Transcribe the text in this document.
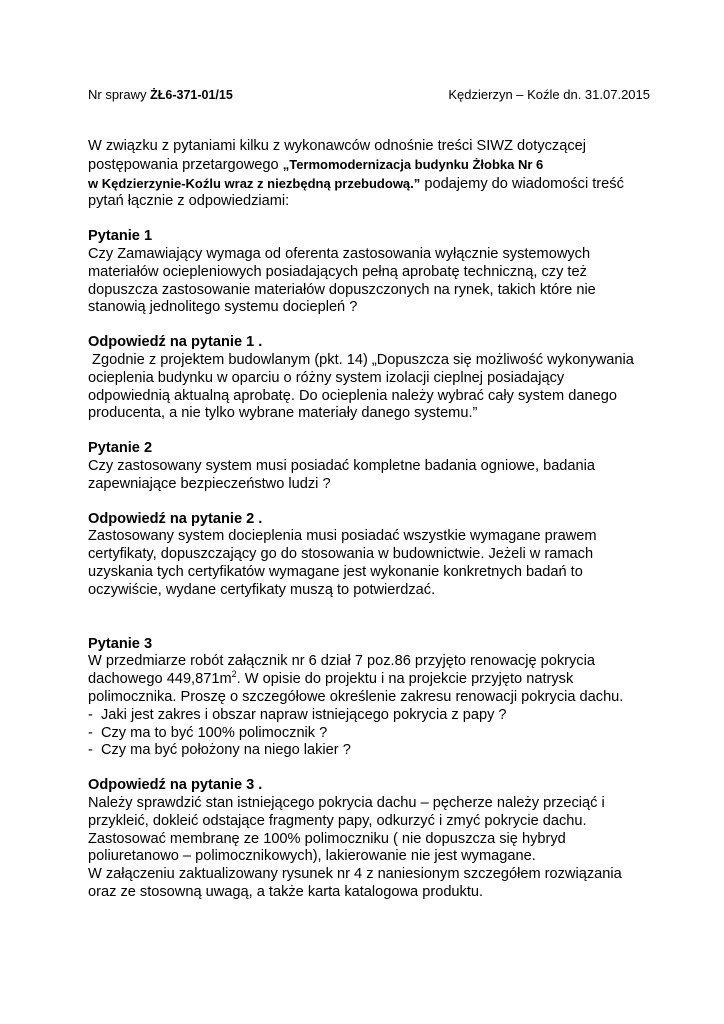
Nr sprawy ŻŁ6-371-01/15	Kędzierzyn – Koźle dn. 31.07.2015

W związku z pytaniami kilku z wykonawców odnośnie treści SIWZ dotyczącej

postępowania przetargowego „Termomodernizacja budynku Żłobka Nr 6

w Kędzierzynie-Koźlu wraz z niezbędną przebudową.” podajemy do wiadomości treść

pytań łącznie z odpowiedziami:

Pytanie 1

Czy Zamawiający wymaga od oferenta zastosowania wyłącznie systemowych

materiałów ociepleniowych posiadających pełną aprobatę techniczną, czy też

dopuszcza zastosowanie materiałów dopuszczonych na rynek, takich które nie

stanowią jednolitego systemu dociepleń ?

Odpowiedź na pytanie 1 .

Zgodnie z projektem budowlanym (pkt. 14) „Dopuszcza się możliwość wykonywania

ocieplenia budynku w oparciu o różny system izolacji cieplnej posiadający

odpowiednią aktualną aprobatę. Do ocieplenia należy wybrać cały system danego

producenta, a nie tylko wybrane materiały danego systemu.”

Pytanie 2

Czy zastosowany system musi posiadać kompletne badania ogniowe, badania

zapewniające bezpieczeństwo ludzi ?

Odpowiedź na pytanie 2 .

Zastosowany system docieplenia musi posiadać wszystkie wymagane prawem

certyfikaty, dopuszczający go do stosowania w budownictwie. Jeżeli w ramach

uzyskania tych certyfikatów wymagane jest wykonanie konkretnych badań to

oczywiście, wydane certyfikaty muszą to potwierdzać.

Pytanie 3

W przedmiarze robót załącznik nr 6 dział 7 poz.86 przyjęto renowację pokrycia

dachowego $449,871m^2$. W opisie do projektu i na projekcie przyjęto natrysk

polimocznika. Proszę o szczegółowe określenie zakresu renowacji pokrycia dachu.

-  Jaki jest zakres i obszar napraw istniejącego pokrycia z papy ?

-  Czy ma to być 100% polimocznik ?

-  Czy ma być położony na niego lakier ?

Odpowiedź na pytanie 3 .

Należy sprawdzić stan istniejącego pokrycia dachu – pęcherze należy przeciąć i

przykleić, dokleić odstające fragmenty papy, odkurzyć i zmyć pokrycie dachu.

Zastosować membranę ze 100% polimoczniku ( nie dopuszcza się hybryd

poliuretanowo – polimocznikowych), lakierowanie nie jest wymagane.

W załączeniu zaktualizowany rysunek nr 4 z naniesionym szczegółem rozwiązania

oraz ze stosowną uwagą, a także karta katalogowa produktu.
